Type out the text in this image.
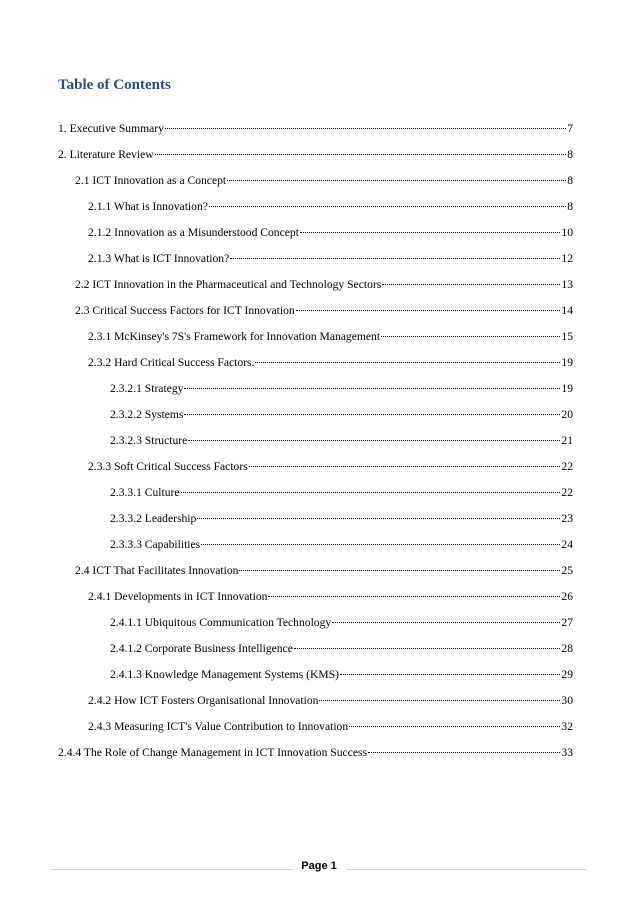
Table of Contents
1. Executive Summary	7
2. Literature Review	8
2.1 ICT Innovation as a Concept	8
2.1.1 What is Innovation?	8
2.1.2 Innovation as a Misunderstood Concept	10
2.1.3 What is ICT Innovation?	12
2.2 ICT Innovation in the Pharmaceutical and Technology Sectors	13
2.3 Critical Success Factors for ICT Innovation	14
2.3.1 McKinsey's 7S's Framework for Innovation Management	15
2.3.2 Hard Critical Success Factors.	19
2.3.2.1 Strategy	19
2.3.2.2 Systems	20
2.3.2.3 Structure	21
2.3.3 Soft Critical Success Factors	22
2.3.3.1 Culture	22
2.3.3.2 Leadership	23
2.3.3.3 Capabilities	24
2.4 ICT That Facilitates Innovation	25
2.4.1 Developments in ICT Innovation	26
2.4.1.1 Ubiquitous Communication Technology	27
2.4.1.2 Corporate Business Intelligence	28
2.4.1.3 Knowledge Management Systems (KMS)	29
2.4.2 How ICT Fosters Organisational Innovation	30
2.4.3 Measuring ICT's Value Contribution to Innovation	32
2.4.4 The Role of Change Management in ICT Innovation Success	33
Page 1
